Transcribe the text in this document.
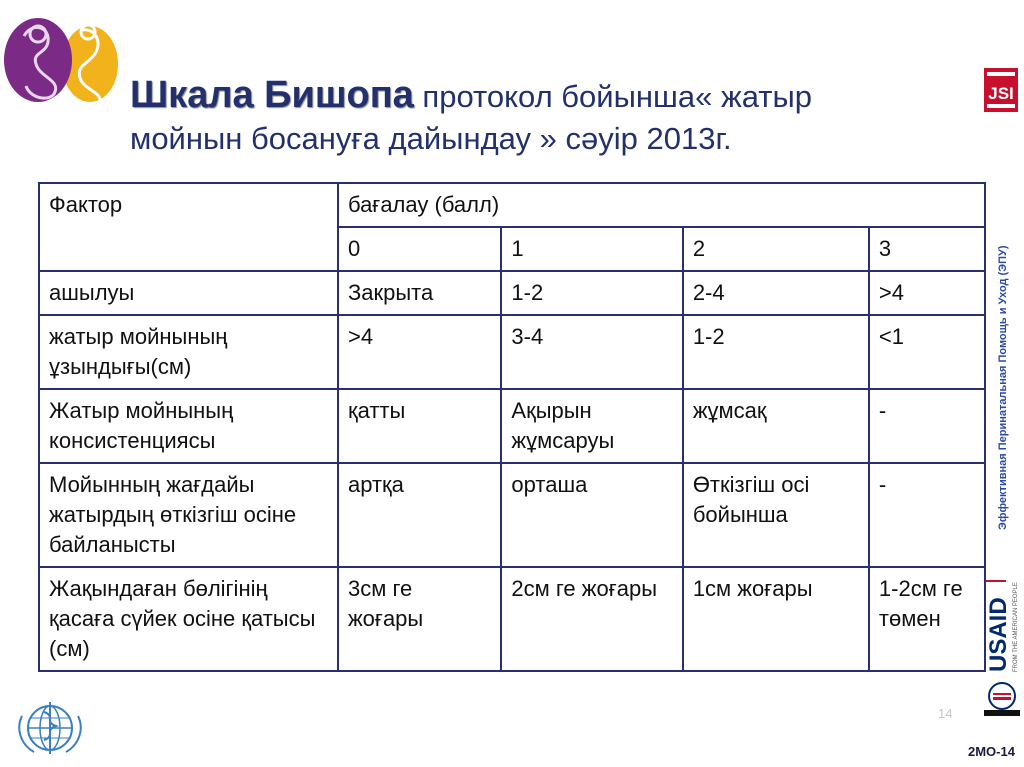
Шкала Бишопа протокол бойынша« жатыр
мойнын босануға дайындау » сәуір 2013г.
Фактор	бағалау (балл)			
	0	1	2	3
ашылуы	Закрыта	1-2	2-4	>4
жатыр мойнының ұзындығы(см)	>4	3-4	1-2	<1
Жатыр мойнының консистенциясы	қатты	Ақырын жұмсаруы	жұмсақ	-
Мойынның жағдайы жатырдың өткізгіш осіне байланысты	артқа	орташа	Өткізгіш осі бойынша	-
Жақындаған бөлігінің қасаға сүйек осіне қатысы (см)	3см ге жоғары	2см ге жоғары	1см жоғары	1-2см ге төмен
JSI
Эффективная Перинатальная Помощь и Уход (ЭПУ)
USAID FROM THE AMERICAN PEOPLE
14
2MO-14
